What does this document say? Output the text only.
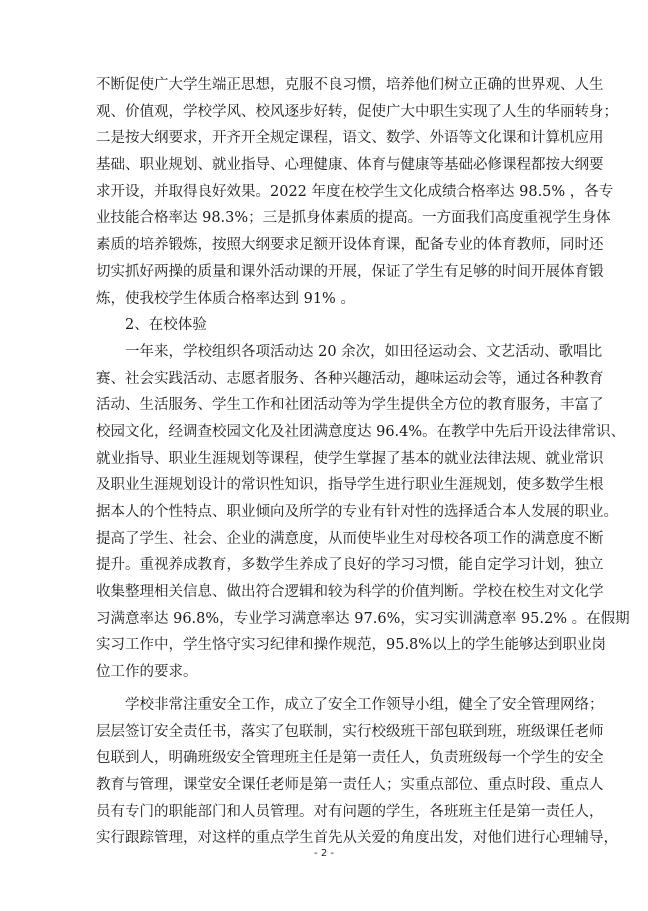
不断促使广大学生端正思想，克服不良习惯，培养他们树立正确的世界观、人生
观、价值观，学校学风、校风逐步好转，促使广大中职生实现了人生的华丽转身；
二是按大纲要求，开齐开全规定课程，语文、数学、外语等文化课和计算机应用
基础、职业规划、就业指导、心理健康、体育与健康等基础必修课程都按大纲要
求开设，并取得良好效果。2022 年度在校学生文化成绩合格率达 98.5% ，各专
业技能合格率达 98.3%；三是抓身体素质的提高。一方面我们高度重视学生身体
素质的培养锻炼，按照大纲要求足额开设体育课，配备专业的体育教师，同时还
切实抓好两操的质量和课外活动课的开展，保证了学生有足够的时间开展体育锻
炼，使我校学生体质合格率达到 91% 。
2、在校体验
一年来，学校组织各项活动达 20 余次，如田径运动会、文艺活动、歌唱比
赛、社会实践活动、志愿者服务、各种兴趣活动，趣味运动会等，通过各种教育
活动、生活服务、学生工作和社团活动等为学生提供全方位的教育服务，丰富了
校园文化，经调查校园文化及社团满意度达 96.4%。在教学中先后开设法律常识、
就业指导、职业生涯规划等课程，使学生掌握了基本的就业法律法规、就业常识
及职业生涯规划设计的常识性知识，指导学生进行职业生涯规划，使多数学生根
据本人的个性特点、职业倾向及所学的专业有针对性的选择适合本人发展的职业。
提高了学生、社会、企业的满意度，从而使毕业生对母校各项工作的满意度不断
提升。重视养成教育，多数学生养成了良好的学习习惯，能自定学习计划，独立
收集整理相关信息、做出符合逻辑和较为科学的价值判断。学校在校生对文化学
习满意率达 96.8%，专业学习满意率达 97.6%，实习实训满意率 95.2% 。在假期
实习工作中，学生恪守实习纪律和操作规范，95.8%以上的学生能够达到职业岗
位工作的要求。
学校非常注重安全工作，成立了安全工作领导小组，健全了安全管理网络；
层层签订安全责任书，落实了包联制，实行校级班干部包联到班，班级课任老师
包联到人，明确班级安全管理班主任是第一责任人，负责班级每一个学生的安全
教育与管理，课堂安全课任老师是第一责任人；实重点部位、重点时段、重点人
员有专门的职能部门和人员管理。对有问题的学生，各班班主任是第一责任人，
实行跟踪管理，对这样的重点学生首先从关爱的角度出发，对他们进行心理辅导，
- 2 -
